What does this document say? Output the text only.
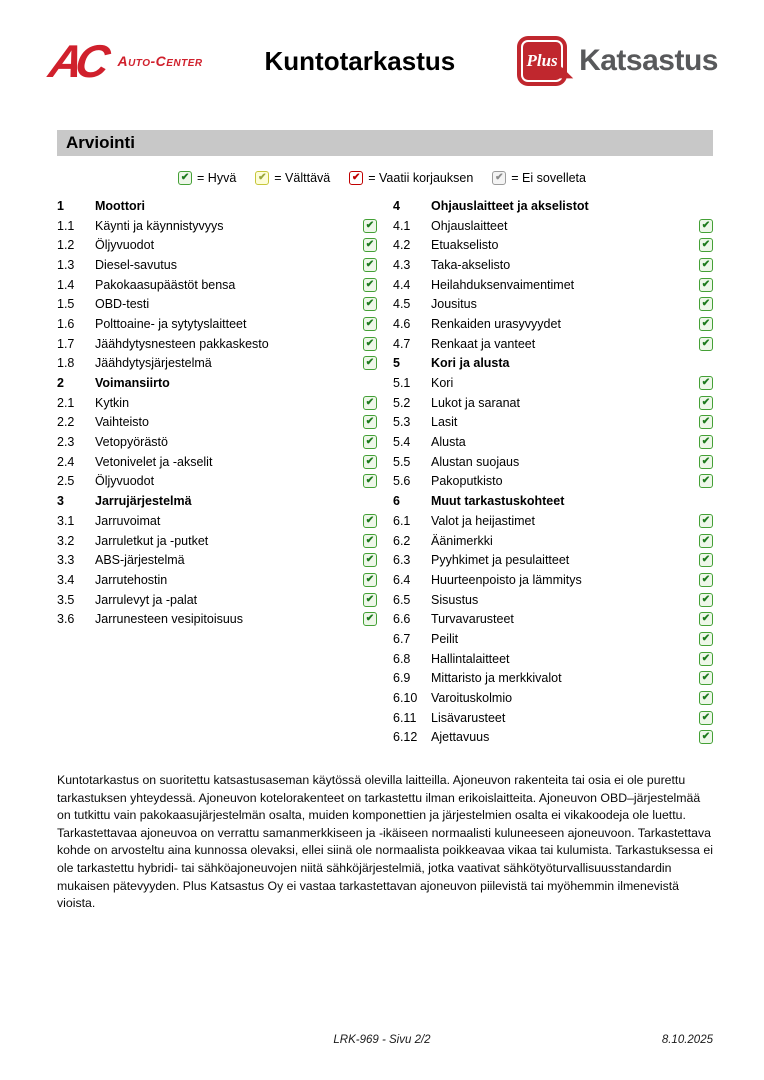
AC Auto-Center Kuntotarkastus	Plus Katsastus
Arviointi
✔ = Hyvä ✔ = Välttävä ✔ = Vaatii korjauksen ✔ = Ei sovelleta
1	Moottori
1.1	Käynti ja käynnistyvyys	✔
1.2	Öljyvuodot	✔
1.3	Diesel-savutus	✔
1.4	Pakokaasupäästöt bensa	✔
1.5	OBD-testi	✔
1.6	Polttoaine- ja sytytyslaitteet	✔
1.7	Jäähdytysnesteen pakkaskesto	✔
1.8	Jäähdytysjärjestelmä	✔
2	Voimansiirto
2.1	Kytkin	✔
2.2	Vaihteisto	✔
2.3	Vetopyörästö	✔
2.4	Vetonivelet ja -akselit	✔
2.5	Öljyvuodot	✔
3	Jarrujärjestelmä
3.1	Jarruvoimat	✔
3.2	Jarruletkut ja -putket	✔
3.3	ABS-järjestelmä	✔
3.4	Jarrutehostin	✔
3.5	Jarrulevyt ja -palat	✔
3.6	Jarrunesteen vesipitoisuus	✔
4	Ohjauslaitteet ja akselistot
4.1	Ohjauslaitteet	✔
4.2	Etuakselisto	✔
4.3	Taka-akselisto	✔
4.4	Heilahduksenvaimentimet	✔
4.5	Jousitus	✔
4.6	Renkaiden urasyvyydet	✔
4.7	Renkaat ja vanteet	✔
5	Kori ja alusta
5.1	Kori	✔
5.2	Lukot ja saranat	✔
5.3	Lasit	✔
5.4	Alusta	✔
5.5	Alustan suojaus	✔
5.6	Pakoputkisto	✔
6	Muut tarkastuskohteet
6.1	Valot ja heijastimet	✔
6.2	Äänimerkki	✔
6.3	Pyyhkimet ja pesulaitteet	✔
6.4	Huurteenpoisto ja lämmitys	✔
6.5	Sisustus	✔
6.6	Turvavarusteet	✔
6.7	Peilit	✔
6.8	Hallintalaitteet	✔
6.9	Mittaristo ja merkkivalot	✔
6.10	Varoituskolmio	✔
6.11	Lisävarusteet	✔
6.12	Ajettavuus	✔

Kuntotarkastus on suoritettu katsastusaseman käytössä olevilla laitteilla. Ajoneuvon rakenteita tai osia ei ole purettu tarkastuksen yhteydessä. Ajoneuvon kotelorakenteet on tarkastettu ilman erikoislaitteita. Ajoneuvon OBD–järjestelmää on tutkittu vain pakokaasujärjestelmän osalta, muiden komponettien ja järjestelmien osalta ei vikakoodeja ole luettu. Tarkastettavaa ajoneuvoa on verrattu samanmerkkiseen ja -ikäiseen normaalisti kuluneeseen ajoneuvoon. Tarkastettava kohde on arvosteltu aina kunnossa olevaksi, ellei siinä ole normaalista poikkeavaa vikaa tai kulumista. Tarkastuksessa ei ole tarkastettu hybridi- tai sähköajoneuvojen niitä sähköjärjestelmiä, jotka vaativat sähkötyöturvallisuusstandardin mukaisen pätevyyden. Plus Katsastus Oy ei vastaa tarkastettavan ajoneuvon piilevistä tai myöhemmin ilmenevistä vioista.

LRK-969 - Sivu 2/2	8.10.2025
